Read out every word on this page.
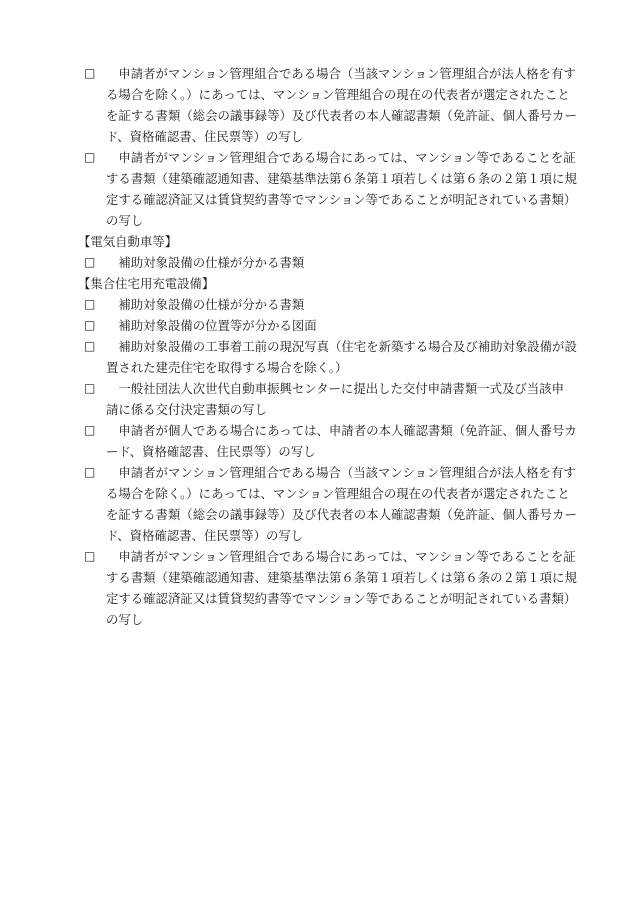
□ 　申請者がマンション管理組合である場合（当該マンション管理組合が法人格を有す
る場合を除く。）にあっては、マンション管理組合の現在の代表者が選定されたこと
を証する書類（総会の議事録等）及び代表者の本人確認書類（免許証、個人番号カー
ド、資格確認書、住民票等）の写し
□ 　申請者がマンション管理組合である場合にあっては、マンション等であることを証
する書類（建築確認通知書、建築基準法第６条第１項若しくは第６条の２第１項に規
定する確認済証又は賃貸契約書等でマンション等であることが明記されている書類）
の写し
【電気自動車等】
□ 　補助対象設備の仕様が分かる書類
【集合住宅用充電設備】
□ 　補助対象設備の仕様が分かる書類
□ 　補助対象設備の位置等が分かる図面
□ 　補助対象設備の工事着工前の現況写真（住宅を新築する場合及び補助対象設備が設
置された建売住宅を取得する場合を除く。）
□ 　一般社団法人次世代自動車振興センターに提出した交付申請書類一式及び当該申
請に係る交付決定書類の写し
□ 　申請者が個人である場合にあっては、申請者の本人確認書類（免許証、個人番号カ
ード、資格確認書、住民票等）の写し
□ 　申請者がマンション管理組合である場合（当該マンション管理組合が法人格を有す
る場合を除く。）にあっては、マンション管理組合の現在の代表者が選定されたこと
を証する書類（総会の議事録等）及び代表者の本人確認書類（免許証、個人番号カー
ド、資格確認書、住民票等）の写し
□ 　申請者がマンション管理組合である場合にあっては、マンション等であることを証
する書類（建築確認通知書、建築基準法第６条第１項若しくは第６条の２第１項に規
定する確認済証又は賃貸契約書等でマンション等であることが明記されている書類）
の写し
